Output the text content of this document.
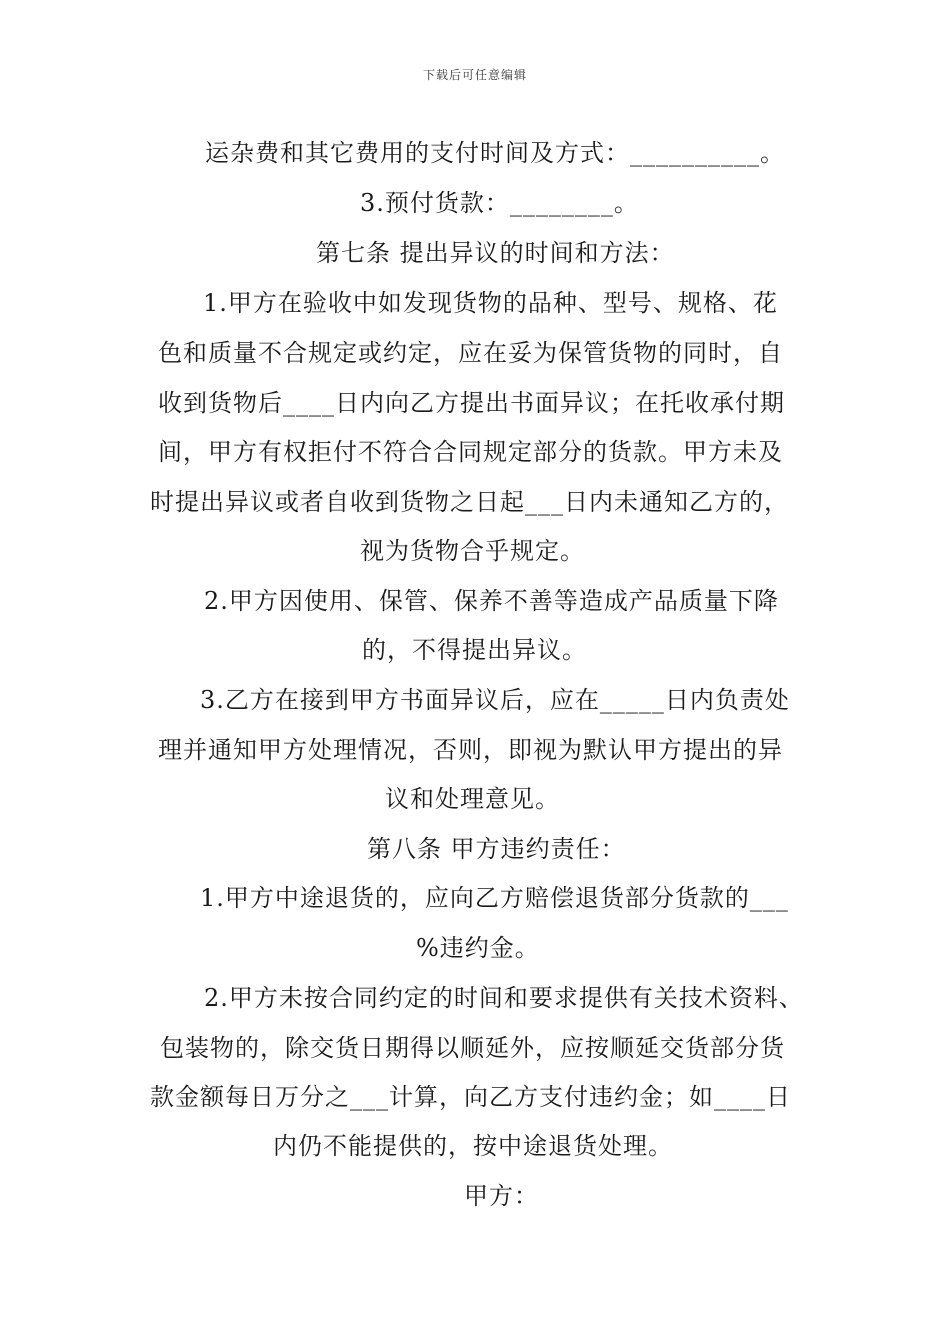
下载后可任意编辑
运杂费和其它费用的支付时间及方式：__________。
3.预付货款：________。
第七条 提出异议的时间和方法：
1.甲方在验收中如发现货物的品种、型号、规格、花
色和质量不合规定或约定，应在妥为保管货物的同时，自
收到货物后____日内向乙方提出书面异议；在托收承付期
间，甲方有权拒付不符合合同规定部分的货款。甲方未及
时提出异议或者自收到货物之日起___日内未通知乙方的，
视为货物合乎规定。
2.甲方因使用、保管、保养不善等造成产品质量下降
的，不得提出异议。
3.乙方在接到甲方书面异议后，应在_____日内负责处
理并通知甲方处理情况，否则，即视为默认甲方提出的异
议和处理意见。
第八条 甲方违约责任：
1.甲方中途退货的，应向乙方赔偿退货部分货款的___
%违约金。
2.甲方未按合同约定的时间和要求提供有关技术资料、
包装物的，除交货日期得以顺延外，应按顺延交货部分货
款金额每日万分之___计算，向乙方支付违约金；如____日
内仍不能提供的，按中途退货处理。
甲方：
